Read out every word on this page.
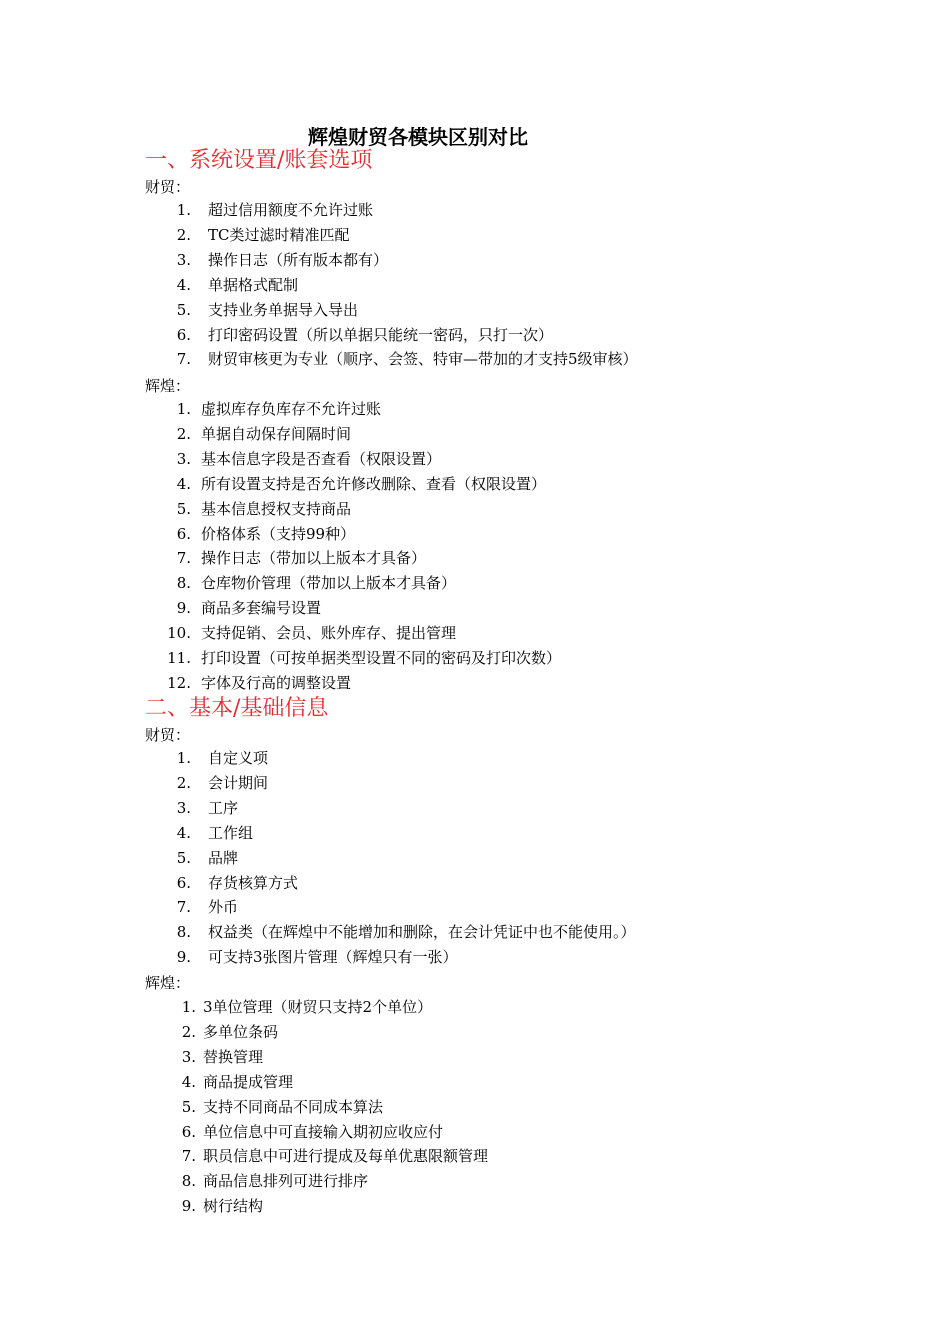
辉煌财贸各模块区别对比
一、系统设置/账套选项
财贸：
1. 超过信用额度不允许过账
2. TC类过滤时精准匹配
3. 操作日志（所有版本都有）
4. 单据格式配制
5. 支持业务单据导入导出
6. 打印密码设置（所以单据只能统一密码，只打一次）
7. 财贸审核更为专业（顺序、会签、特审—带加的才支持5级审核）
辉煌：
1. 虚拟库存负库存不允许过账
2. 单据自动保存间隔时间
3. 基本信息字段是否查看（权限设置）
4. 所有设置支持是否允许修改删除、查看（权限设置）
5. 基本信息授权支持商品
6. 价格体系（支持99种）
7. 操作日志（带加以上版本才具备）
8. 仓库物价管理（带加以上版本才具备）
9. 商品多套编号设置
10. 支持促销、会员、账外库存、提出管理
11. 打印设置（可按单据类型设置不同的密码及打印次数）
12. 字体及行高的调整设置
二、基本/基础信息
财贸：
1. 自定义项
2. 会计期间
3. 工序
4. 工作组
5. 品牌
6. 存货核算方式
7. 外币
8. 权益类（在辉煌中不能增加和删除，在会计凭证中也不能使用。）
9. 可支持3张图片管理（辉煌只有一张）
辉煌：
1. 3单位管理（财贸只支持2个单位）
2. 多单位条码
3. 替换管理
4. 商品提成管理
5. 支持不同商品不同成本算法
6. 单位信息中可直接输入期初应收应付
7. 职员信息中可进行提成及每单优惠限额管理
8. 商品信息排列可进行排序
9. 树行结构
